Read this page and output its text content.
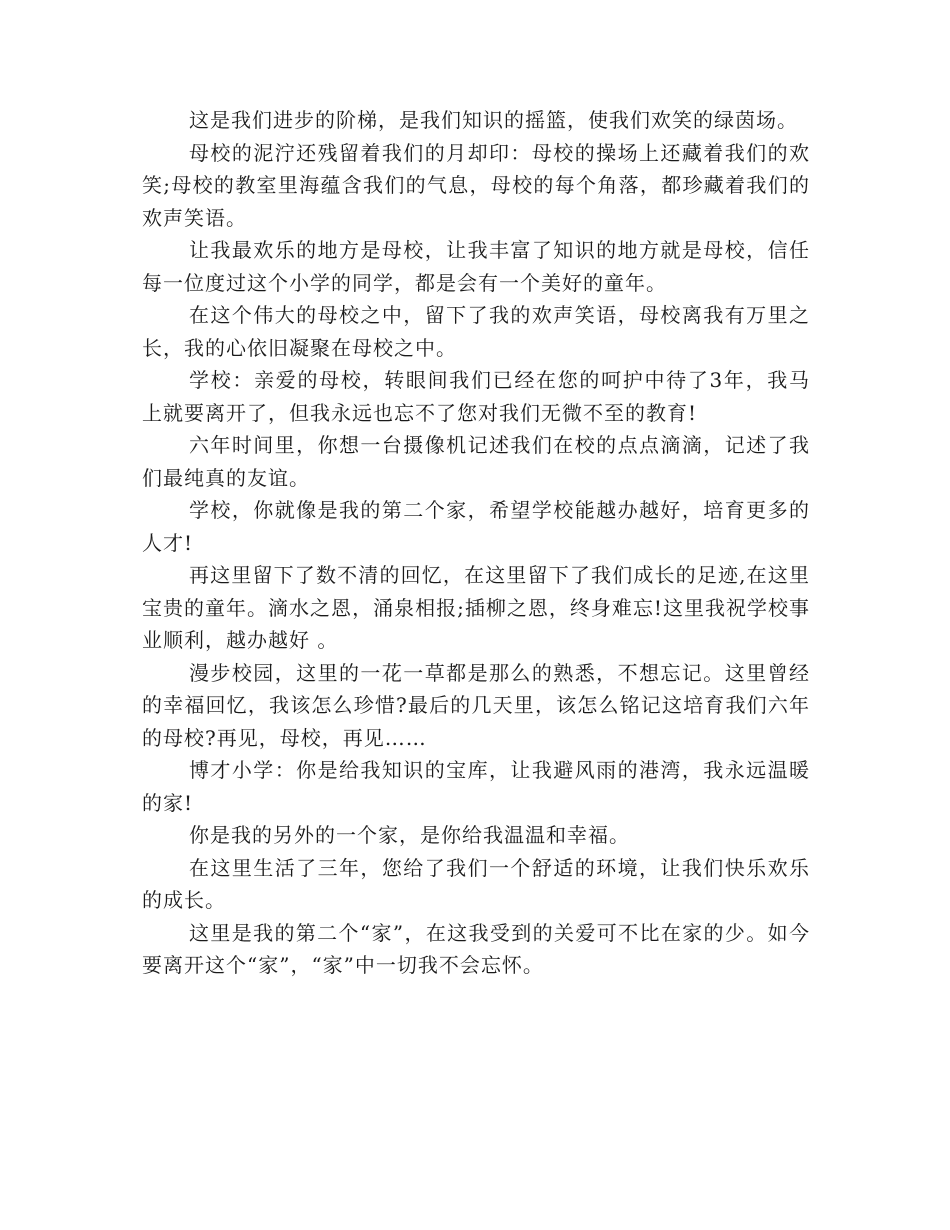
这是我们进步的阶梯，是我们知识的摇篮，使我们欢笑的绿茵场。

母校的泥泞还残留着我们的月却印：母校的操场上还藏着我们的欢笑;母校的教室里海蕴含我们的气息，母校的每个角落，都珍藏着我们的欢声笑语。

让我最欢乐的地方是母校，让我丰富了知识的地方就是母校，信任每一位度过这个小学的同学，都是会有一个美好的童年。

在这个伟大的母校之中，留下了我的欢声笑语，母校离我有万里之长，我的心依旧凝聚在母校之中。

学校：亲爱的母校，转眼间我们已经在您的呵护中待了3年，我马上就要离开了，但我永远也忘不了您对我们无微不至的教育!

六年时间里，你想一台摄像机记述我们在校的点点滴滴，记述了我们最纯真的友谊。

学校，你就像是我的第二个家，希望学校能越办越好，培育更多的人才!

再这里留下了数不清的回忆，在这里留下了我们成长的足迹,在这里宝贵的童年。滴水之恩，涌泉相报;插柳之恩，终身难忘!这里我祝学校事业顺利，越办越好 。

漫步校园，这里的一花一草都是那么的熟悉，不想忘记。这里曾经的幸福回忆，我该怎么珍惜?最后的几天里，该怎么铭记这培育我们六年的母校?再见，母校，再见……

博才小学：你是给我知识的宝库，让我避风雨的港湾，我永远温暖的家!

你是我的另外的一个家，是你给我温温和幸福。

在这里生活了三年，您给了我们一个舒适的环境，让我们快乐欢乐的成长。

这里是我的第二个“家”，在这我受到的关爱可不比在家的少。如今要离开这个“家”，“家”中一切我不会忘怀。
